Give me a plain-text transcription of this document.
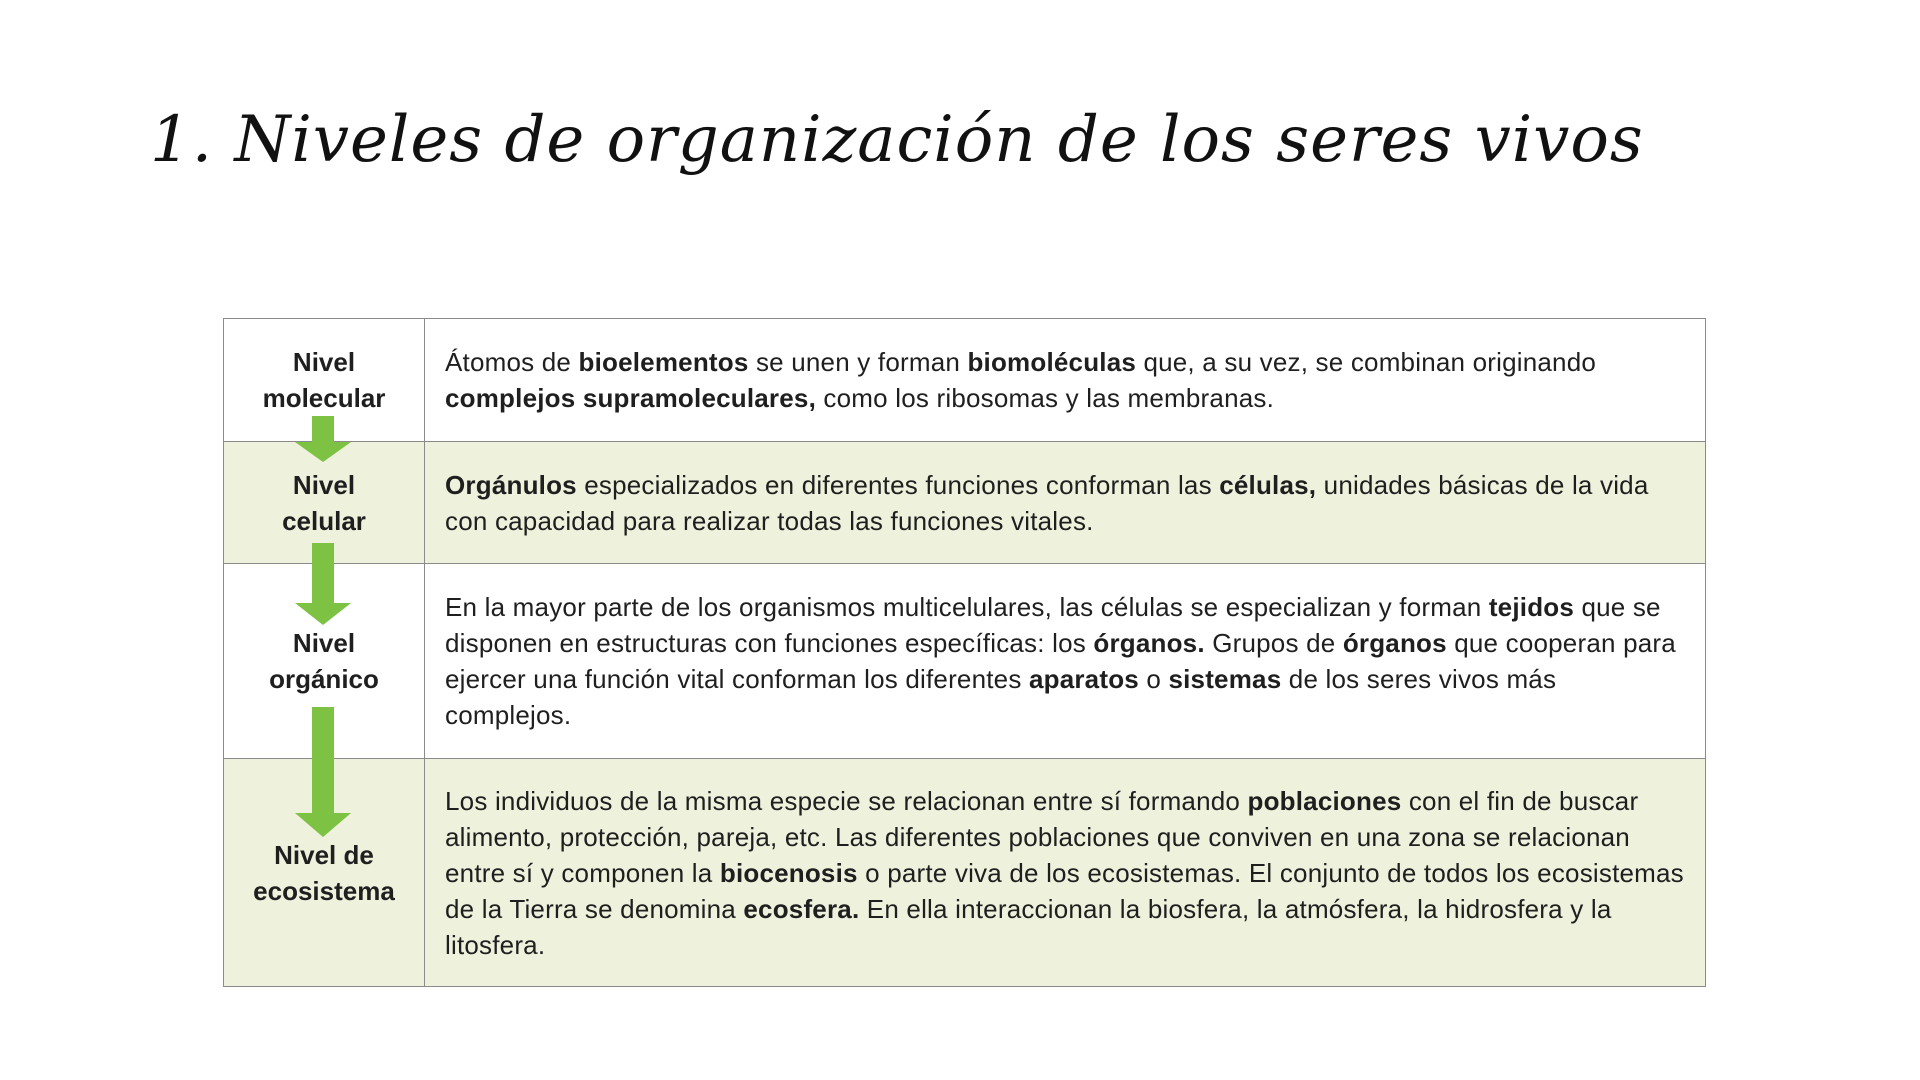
1. Niveles de organización de los seres vivos
Nivel
molecular	Átomos de bioelementos se unen y forman biomoléculas que, a su vez, se combinan originando complejos supramoleculares, como los ribosomas y las membranas.

Nivel
celular	Orgánulos especializados en diferentes funciones conforman las células, unidades básicas de la vida con capacidad para realizar todas las funciones vitales.

Nivel
orgánico	En la mayor parte de los organismos multicelulares, las células se especializan y forman tejidos que se disponen en estructuras con funciones específicas: los órganos. Grupos de órganos que cooperan para ejercer una función vital conforman los diferentes aparatos o sistemas de los seres vivos más complejos.

Nivel de
ecosistema	Los individuos de la misma especie se relacionan entre sí formando poblaciones con el fin de buscar alimento, protección, pareja, etc. Las diferentes poblaciones que conviven en una zona se relacionan entre sí y componen la biocenosis o parte viva de los ecosistemas. El conjunto de todos los ecosistemas de la Tierra se denomina ecosfera. En ella interaccionan la biosfera, la atmósfera, la hidrosfera y la litosfera.
